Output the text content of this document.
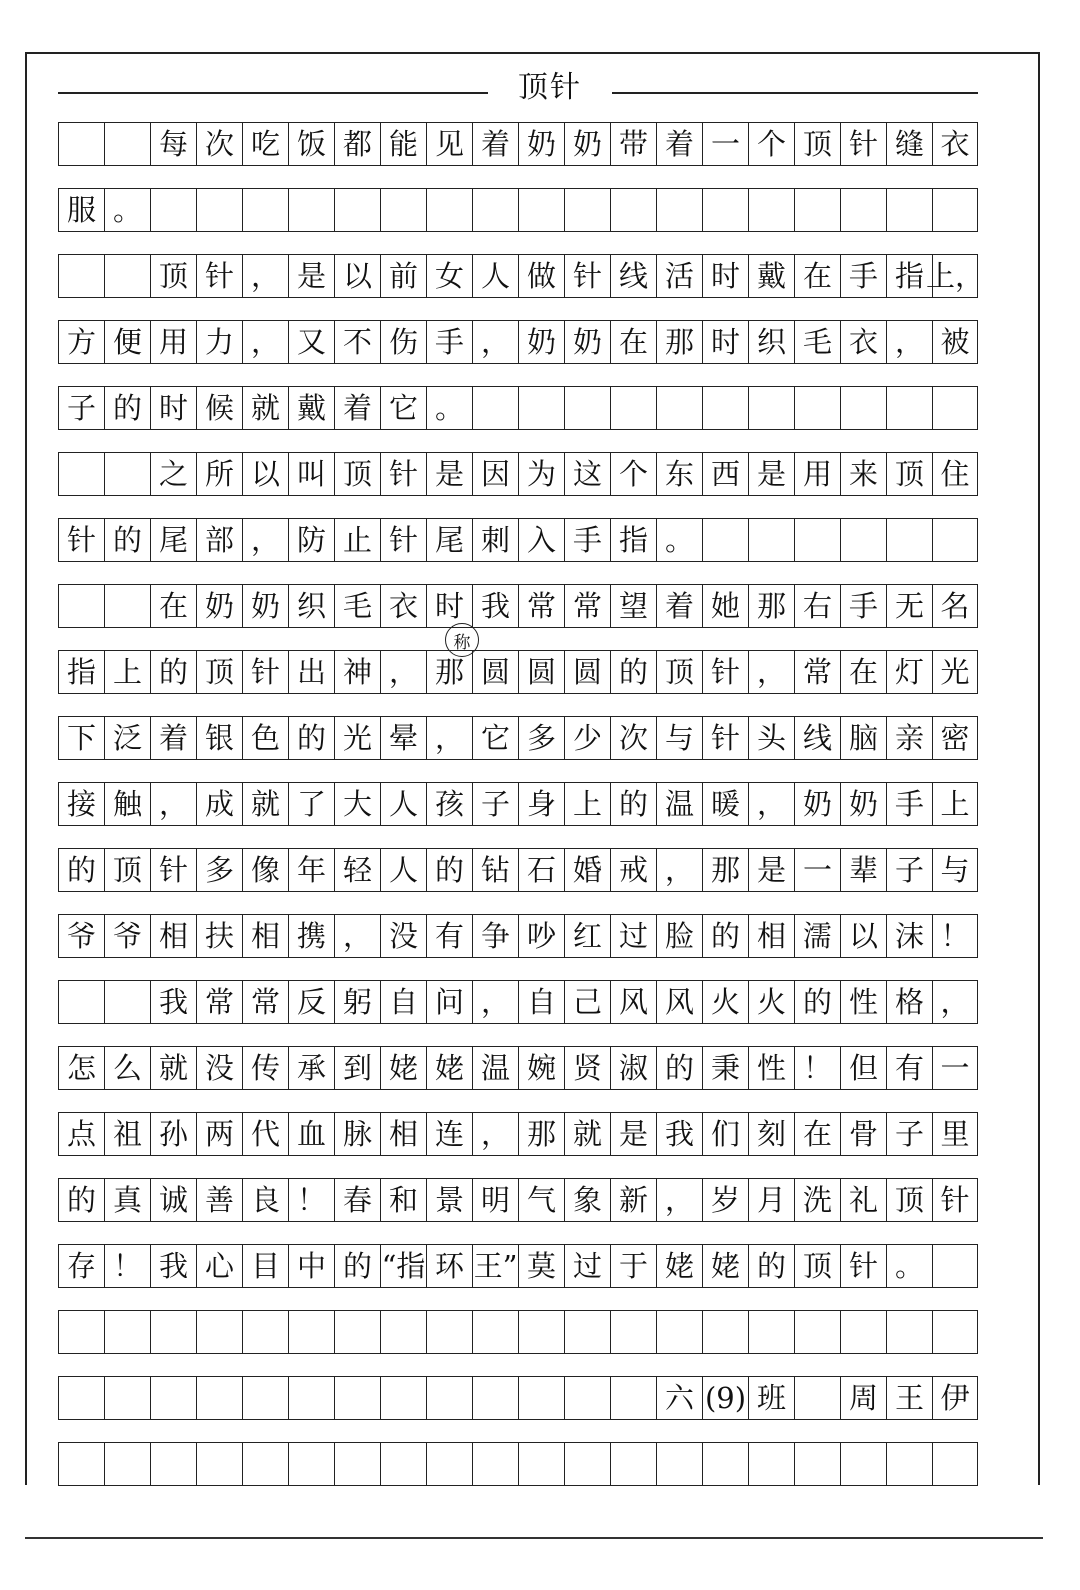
顶针
每 次 吃 饭 都 能 见 着 奶 奶 带 着 一 个 顶 针 缝 衣
服 。
顶 针 ， 是 以 前 女 人 做 针 线 活 时 戴 在 手 指 上，
方 便 用 力 ， 又 不 伤 手 ， 奶 奶 在 那 时 织 毛 衣 ， 被
子 的 时 候 就 戴 着 它 。
之 所 以 叫 顶 针 是 因 为 这 个 东 西 是 用 来 顶 住
针 的 尾 部 ， 防 止 针 尾 刺 入 手 指 。
在 奶 奶 织 毛 衣 时 我 常 常 望 着 她 那 右 手 无 名
指 上 的 顶 针 出 神 ， 那 圆 圆 圆 的 顶 针 ， 常 在 灯 光
下 泛 着 银 色 的 光 晕 ， 它 多 少 次 与 针 头 线 脑 亲 密
接 触 ， 成 就 了 大 人 孩 子 身 上 的 温 暖 ， 奶 奶 手 上
的 顶 针 多 像 年 轻 人 的 钻 石 婚 戒 ， 那 是 一 辈 子 与
爷 爷 相 扶 相 携 ， 没 有 争 吵 红 过 脸 的 相 濡 以 沫 ！
我 常 常 反 躬 自 问 ， 自 己 风 风 火 火 的 性 格 ，
怎 么 就 没 传 承 到 姥 姥 温 婉 贤 淑 的 秉 性 ！ 但 有 一
点 祖 孙 两 代 血 脉 相 连 ， 那 就 是 我 们 刻 在 骨 子 里
的 真 诚 善 良 ！ 春 和 景 明 气 象 新 ， 岁 月 洗 礼 顶 针
存 ！ 我 心 目 中 的 “指 环 王” 莫 过 于 姥 姥 的 顶 针 。
六 (9) 班	周 王 伊
称
